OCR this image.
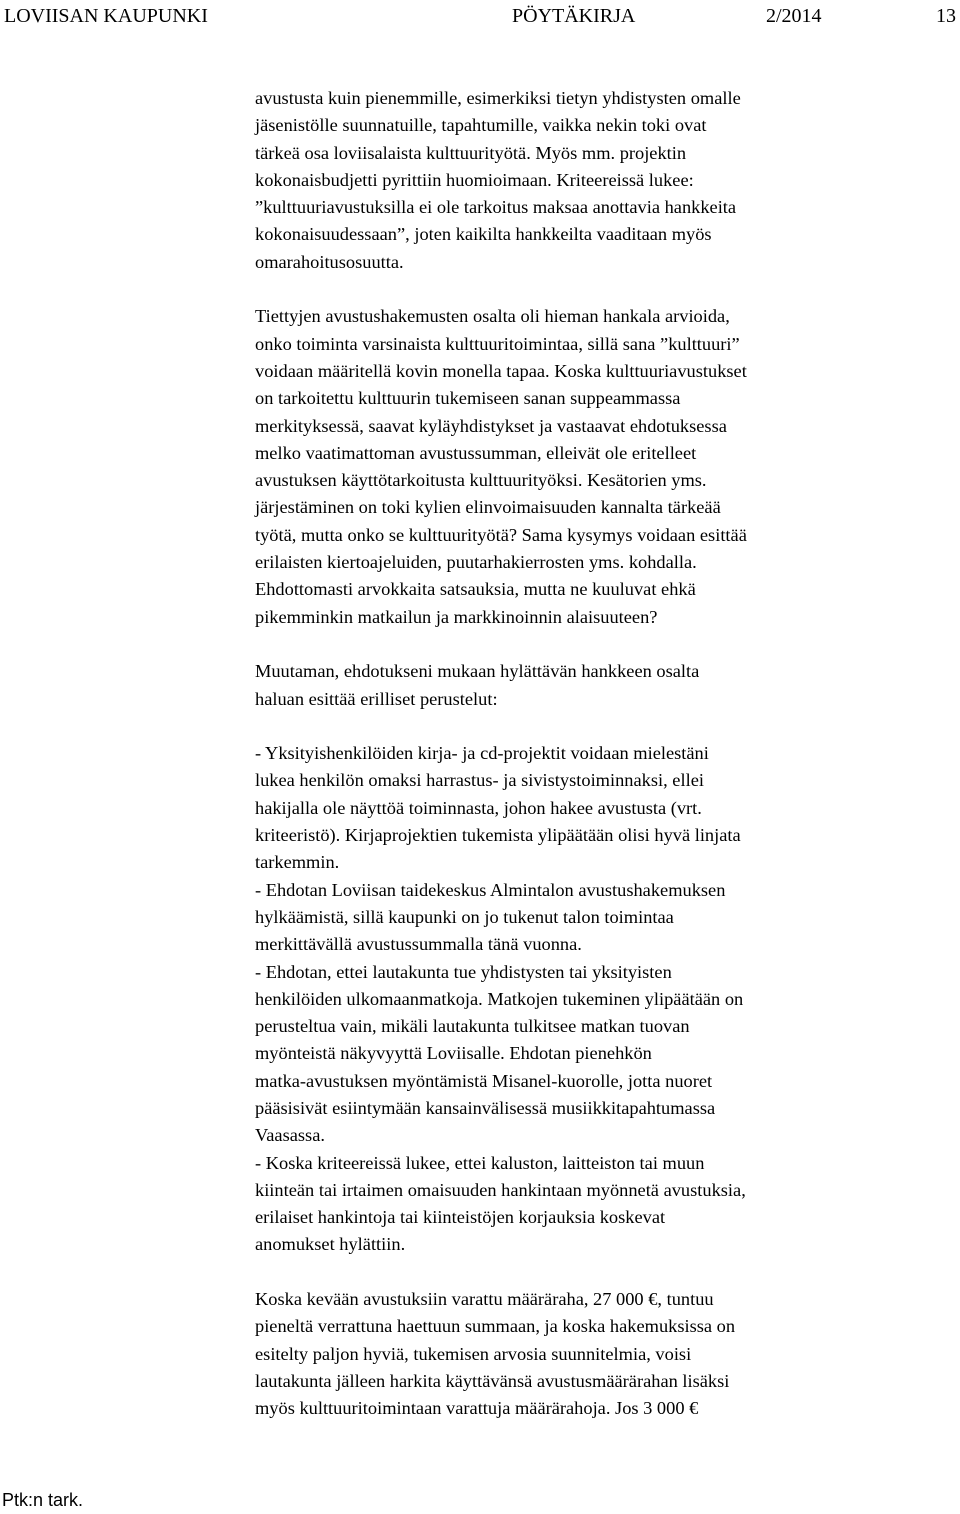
LOVIISAN KAUPUNKI	PÖYTÄKIRJA	2/2014	13

avustusta kuin pienemmille, esimerkiksi tietyn yhdistysten omalle
jäsenistölle suunnatuille, tapahtumille, vaikka nekin toki ovat
tärkeä osa loviisalaista kulttuurityötä. Myös mm. projektin
kokonaisbudjetti pyrittiin huomioimaan. Kriteereissä lukee:
”kulttuuriavustuksilla ei ole tarkoitus maksaa anottavia hankkeita
kokonaisuudessaan”, joten kaikilta hankkeilta vaaditaan myös
omarahoitusosuutta.

Tiettyjen avustushakemusten osalta oli hieman hankala arvioida,
onko toiminta varsinaista kulttuuritoimintaa, sillä sana ”kulttuuri”
voidaan määritellä kovin monella tapaa. Koska kulttuuriavustukset
on tarkoitettu kulttuurin tukemiseen sanan suppeammassa
merkityksessä, saavat kyläyhdistykset ja vastaavat ehdotuksessa
melko vaatimattoman avustussumman, elleivät ole eritelleet
avustuksen käyttötarkoitusta kulttuurityöksi. Kesätorien yms.
järjestäminen on toki kylien elinvoimaisuuden kannalta tärkeää
työtä, mutta onko se kulttuurityötä? Sama kysymys voidaan esittää
erilaisten kiertoajeluiden, puutarhakierrosten yms. kohdalla.
Ehdottomasti arvokkaita satsauksia, mutta ne kuuluvat ehkä
pikemminkin matkailun ja markkinoinnin alaisuuteen?

Muutaman, ehdotukseni mukaan hylättävän hankkeen osalta
haluan esittää erilliset perustelut:

- Yksityishenkilöiden kirja- ja cd-projektit voidaan mielestäni
lukea henkilön omaksi harrastus- ja sivistystoiminnaksi, ellei
hakijalla ole näyttöä toiminnasta, johon hakee avustusta (vrt.
kriteeristö). Kirjaprojektien tukemista ylipäätään olisi hyvä linjata
tarkemmin.
- Ehdotan Loviisan taidekeskus Almintalon avustushakemuksen
hylkäämistä, sillä kaupunki on jo tukenut talon toimintaa
merkittävällä avustussummalla tänä vuonna.
- Ehdotan, ettei lautakunta tue yhdistysten tai yksityisten
henkilöiden ulkomaanmatkoja. Matkojen tukeminen ylipäätään on
perusteltua vain, mikäli lautakunta tulkitsee matkan tuovan
myönteistä näkyvyyttä Loviisalle. Ehdotan pienehkön
matka-avustuksen myöntämistä Misanel-kuorolle, jotta nuoret
pääsisivät esiintymään kansainvälisessä musiikkitapahtumassa
Vaasassa.
- Koska kriteereissä lukee, ettei kaluston, laitteiston tai muun
kiinteän tai irtaimen omaisuuden hankintaan myönnetä avustuksia,
erilaiset hankintoja tai kiinteistöjen korjauksia koskevat
anomukset hylättiin.

Koska kevään avustuksiin varattu määräraha, 27 000 €, tuntuu
pieneltä verrattuna haettuun summaan, ja koska hakemuksissa on
esitelty paljon hyviä, tukemisen arvosia suunnitelmia, voisi
lautakunta jälleen harkita käyttävänsä avustusmäärärahan lisäksi
myös kulttuuritoimintaan varattuja määrärahoja. Jos 3 000 €

Ptk:n tark.
